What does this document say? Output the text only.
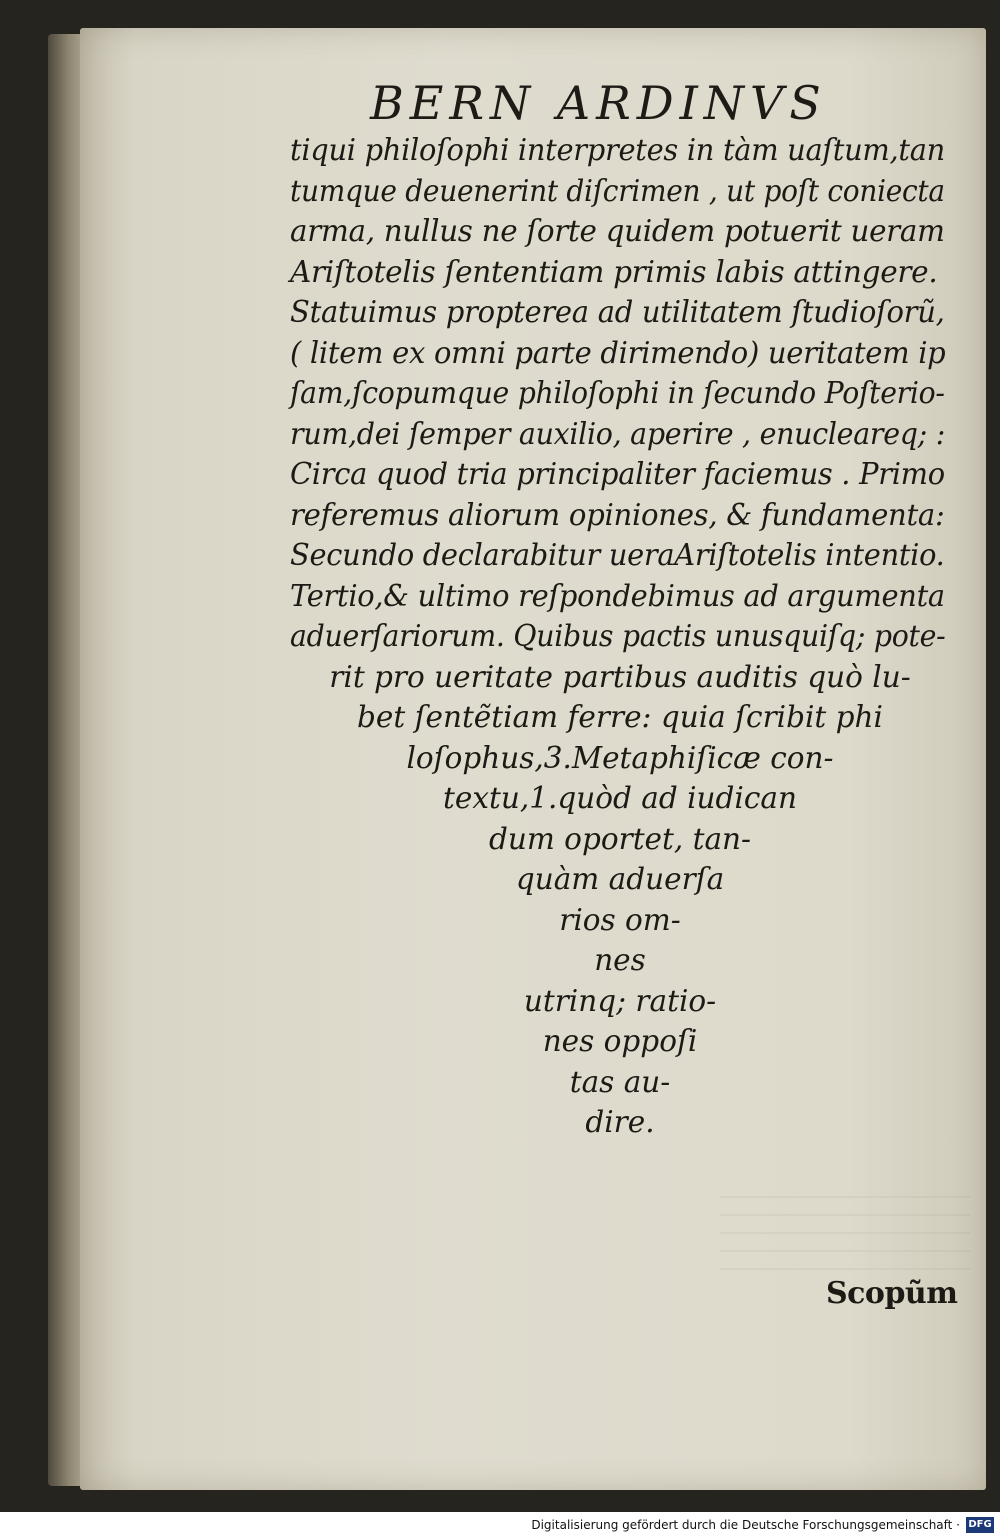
BERN ARDINVS
tiqui philoſophi interpretes in tàm uaſtum,tan
tumque deuenerint diſcrimen , ut poſt coniecta
arma, nullus ne ſorte quidem potuerit ueram
Ariſtotelis ſententiam primis labis attingere.
Statuimus propterea ad utilitatem ſtudioſorũ,
( litem ex omni parte dirimendo) ueritatem ip
ſam,ſcopumque philoſophi in ſecundo Poſterio-
rum,dei ſemper auxilio, aperire , enucleareq; :
Circa quod tria principaliter faciemus . Primo
referemus aliorum opiniones, & fundamenta:
Secundo declarabitur ueraAriſtotelis intentio.
Tertio,& ultimo reſpondebimus ad argumenta
aduerſariorum. Quibus pactis unusquiſq; pote-
rit pro ueritate partibus auditis quò lu-
bet ſentẽtiam ferre: quia ſcribit phi
loſophus,3.Metaphiſicæ con-
textu,1.quòd ad iudican
dum oportet, tan-
quàm aduerſa
rios om-
nes
utrinq; ratio-
nes oppoſi
tas au-
dire.
Scopũm
Digitalisierung gefördert durch die Deutsche Forschungsgemeinschaft · DFG
